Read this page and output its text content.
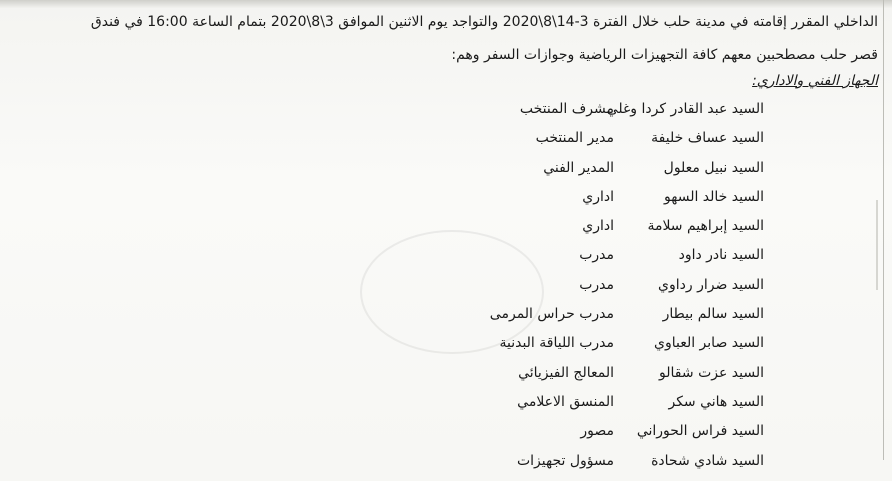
الداخلي المقرر إقامته في مدينة حلب خلال الفترة 3-14\8\2020 والتواجد يوم الاثنين الموافق 3\8\2020 بتمام الساعة 16:00 في فندق

قصر حلب مصطحبين معهم كافة التجهيزات الرياضية وجوازات السفر وهم:

الجهاز الفني والاداري:
السيد عبد القادر كردا وغلي
مشرف المنتخب
السيد عساف خليفة
مدير المنتخب
السيد نبيل معلول
المدير الفني
السيد خالد السهو
اداري
السيد إبراهيم سلامة
اداري
السيد نادر داود
مدرب
السيد ضرار رداوي
مدرب
السيد سالم بيطار
مدرب حراس المرمى
السيد صابر العباوي
مدرب اللياقة البدنية
السيد عزت شقالو
المعالج الفيزيائي
السيد هاني سكر
المنسق الاعلامي
السيد فراس الحوراني
مصور
السيد شادي شحادة
مسؤول تجهيزات
